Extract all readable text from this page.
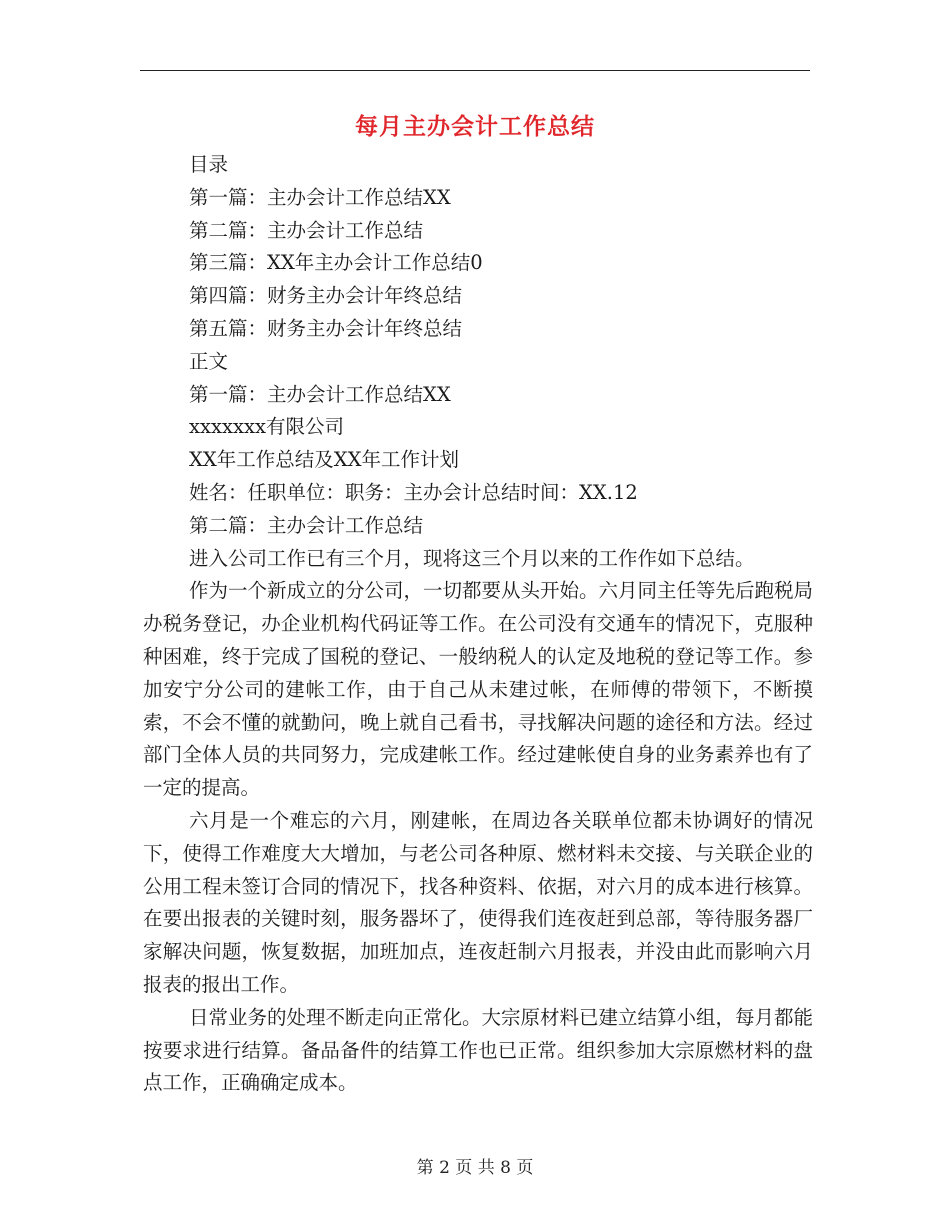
每月主办会计工作总结
目录
第一篇：主办会计工作总结XX
第二篇：主办会计工作总结
第三篇：XX年主办会计工作总结0
第四篇：财务主办会计年终总结
第五篇：财务主办会计年终总结
正文
第一篇：主办会计工作总结XX
xxxxxxx有限公司
XX年工作总结及XX年工作计划
姓名：任职单位：职务：主办会计总结时间：XX.12
第二篇：主办会计工作总结
进入公司工作已有三个月，现将这三个月以来的工作作如下总结。

作为一个新成立的分公司，一切都要从头开始。六月同主任等先后跑税局办税务登记，办企业机构代码证等工作。在公司没有交通车的情况下，克服种种困难，终于完成了国税的登记、一般纳税人的认定及地税的登记等工作。参加安宁分公司的建帐工作，由于自己从未建过帐，在师傅的带领下，不断摸索，不会不懂的就勤问，晚上就自己看书，寻找解决问题的途径和方法。经过部门全体人员的共同努力，完成建帐工作。经过建帐使自身的业务素养也有了一定的提高。

六月是一个难忘的六月，刚建帐，在周边各关联单位都未协调好的情况下，使得工作难度大大增加，与老公司各种原、燃材料未交接、与关联企业的公用工程未签订合同的情况下，找各种资料、依据，对六月的成本进行核算。在要出报表的关键时刻，服务器坏了，使得我们连夜赶到总部，等待服务器厂家解决问题，恢复数据，加班加点，连夜赶制六月报表，并没由此而影响六月报表的报出工作。

日常业务的处理不断走向正常化。大宗原材料已建立结算小组，每月都能按要求进行结算。备品备件的结算工作也已正常。组织参加大宗原燃材料的盘点工作，正确确定成本。

第 2 页 共 8 页
